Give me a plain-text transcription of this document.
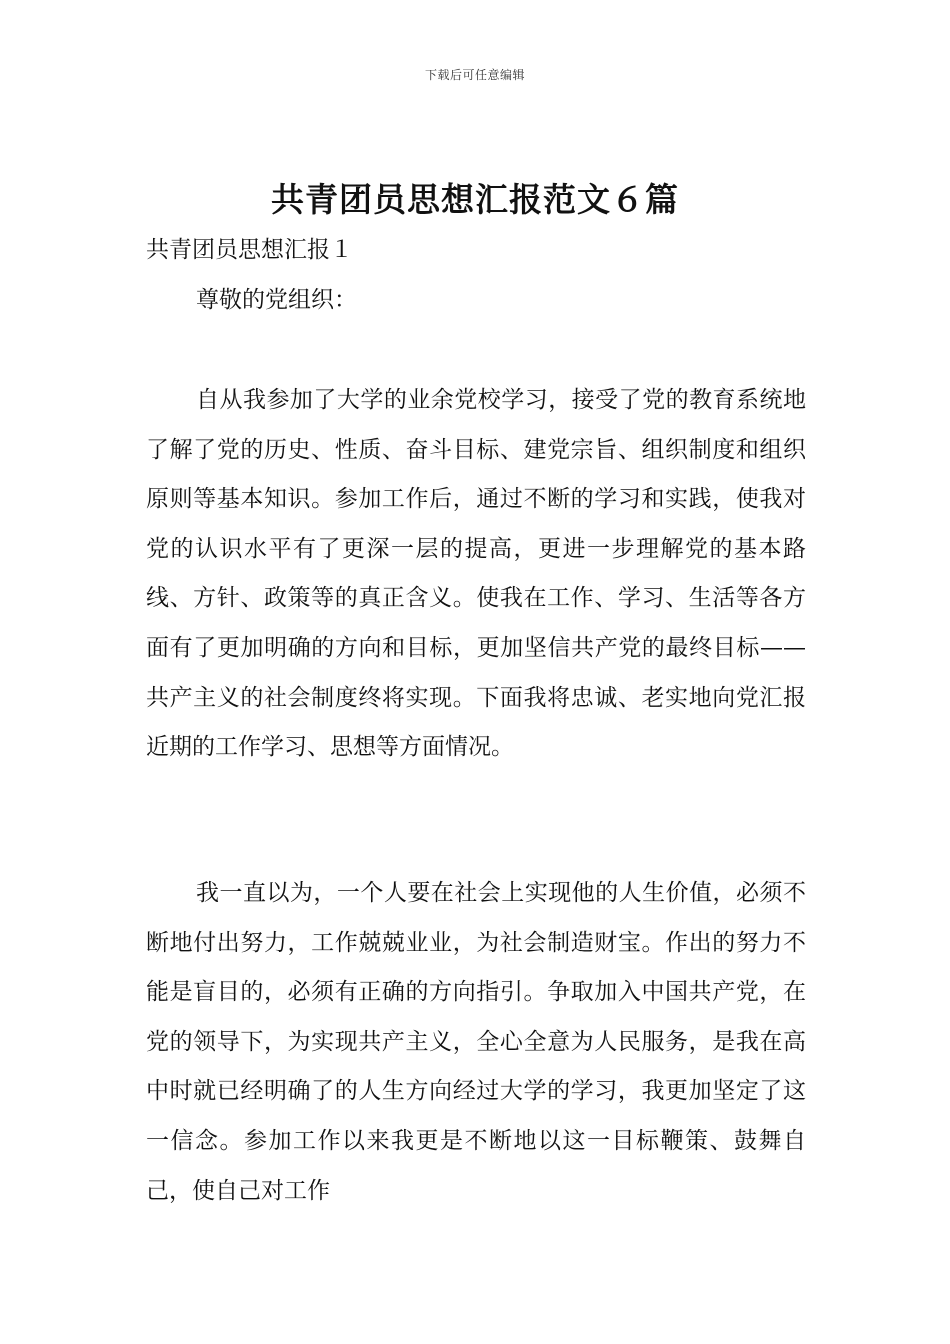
下载后可任意编辑
共青团员思想汇报范文６篇

共青团员思想汇报１

尊敬的党组织：

自从我参加了大学的业余党校学习，接受了党的教育系统地了解了党的历史、性质、奋斗目标、建党宗旨、组织制度和组织原则等基本知识。参加工作后，通过不断的学习和实践，使我对党的认识水平有了更深一层的提高，更进一步理解党的基本路线、方针、政策等的真正含义。使我在工作、学习、生活等各方面有了更加明确的方向和目标，更加坚信共产党的最终目标——共产主义的社会制度终将实现。下面我将忠诚、老实地向党汇报近期的工作学习、思想等方面情况。

我一直以为，一个人要在社会上实现他的人生价值，必须不断地付出努力，工作兢兢业业，为社会制造财宝。作出的努力不能是盲目的，必须有正确的方向指引。争取加入中国共产党，在党的领导下，为实现共产主义，全心全意为人民服务，是我在高中时就已经明确了的人生方向经过大学的学习，我更加坚定了这一信念。参加工作以来我更是不断地以这一目标鞭策、鼓舞自己，使自己对工作
